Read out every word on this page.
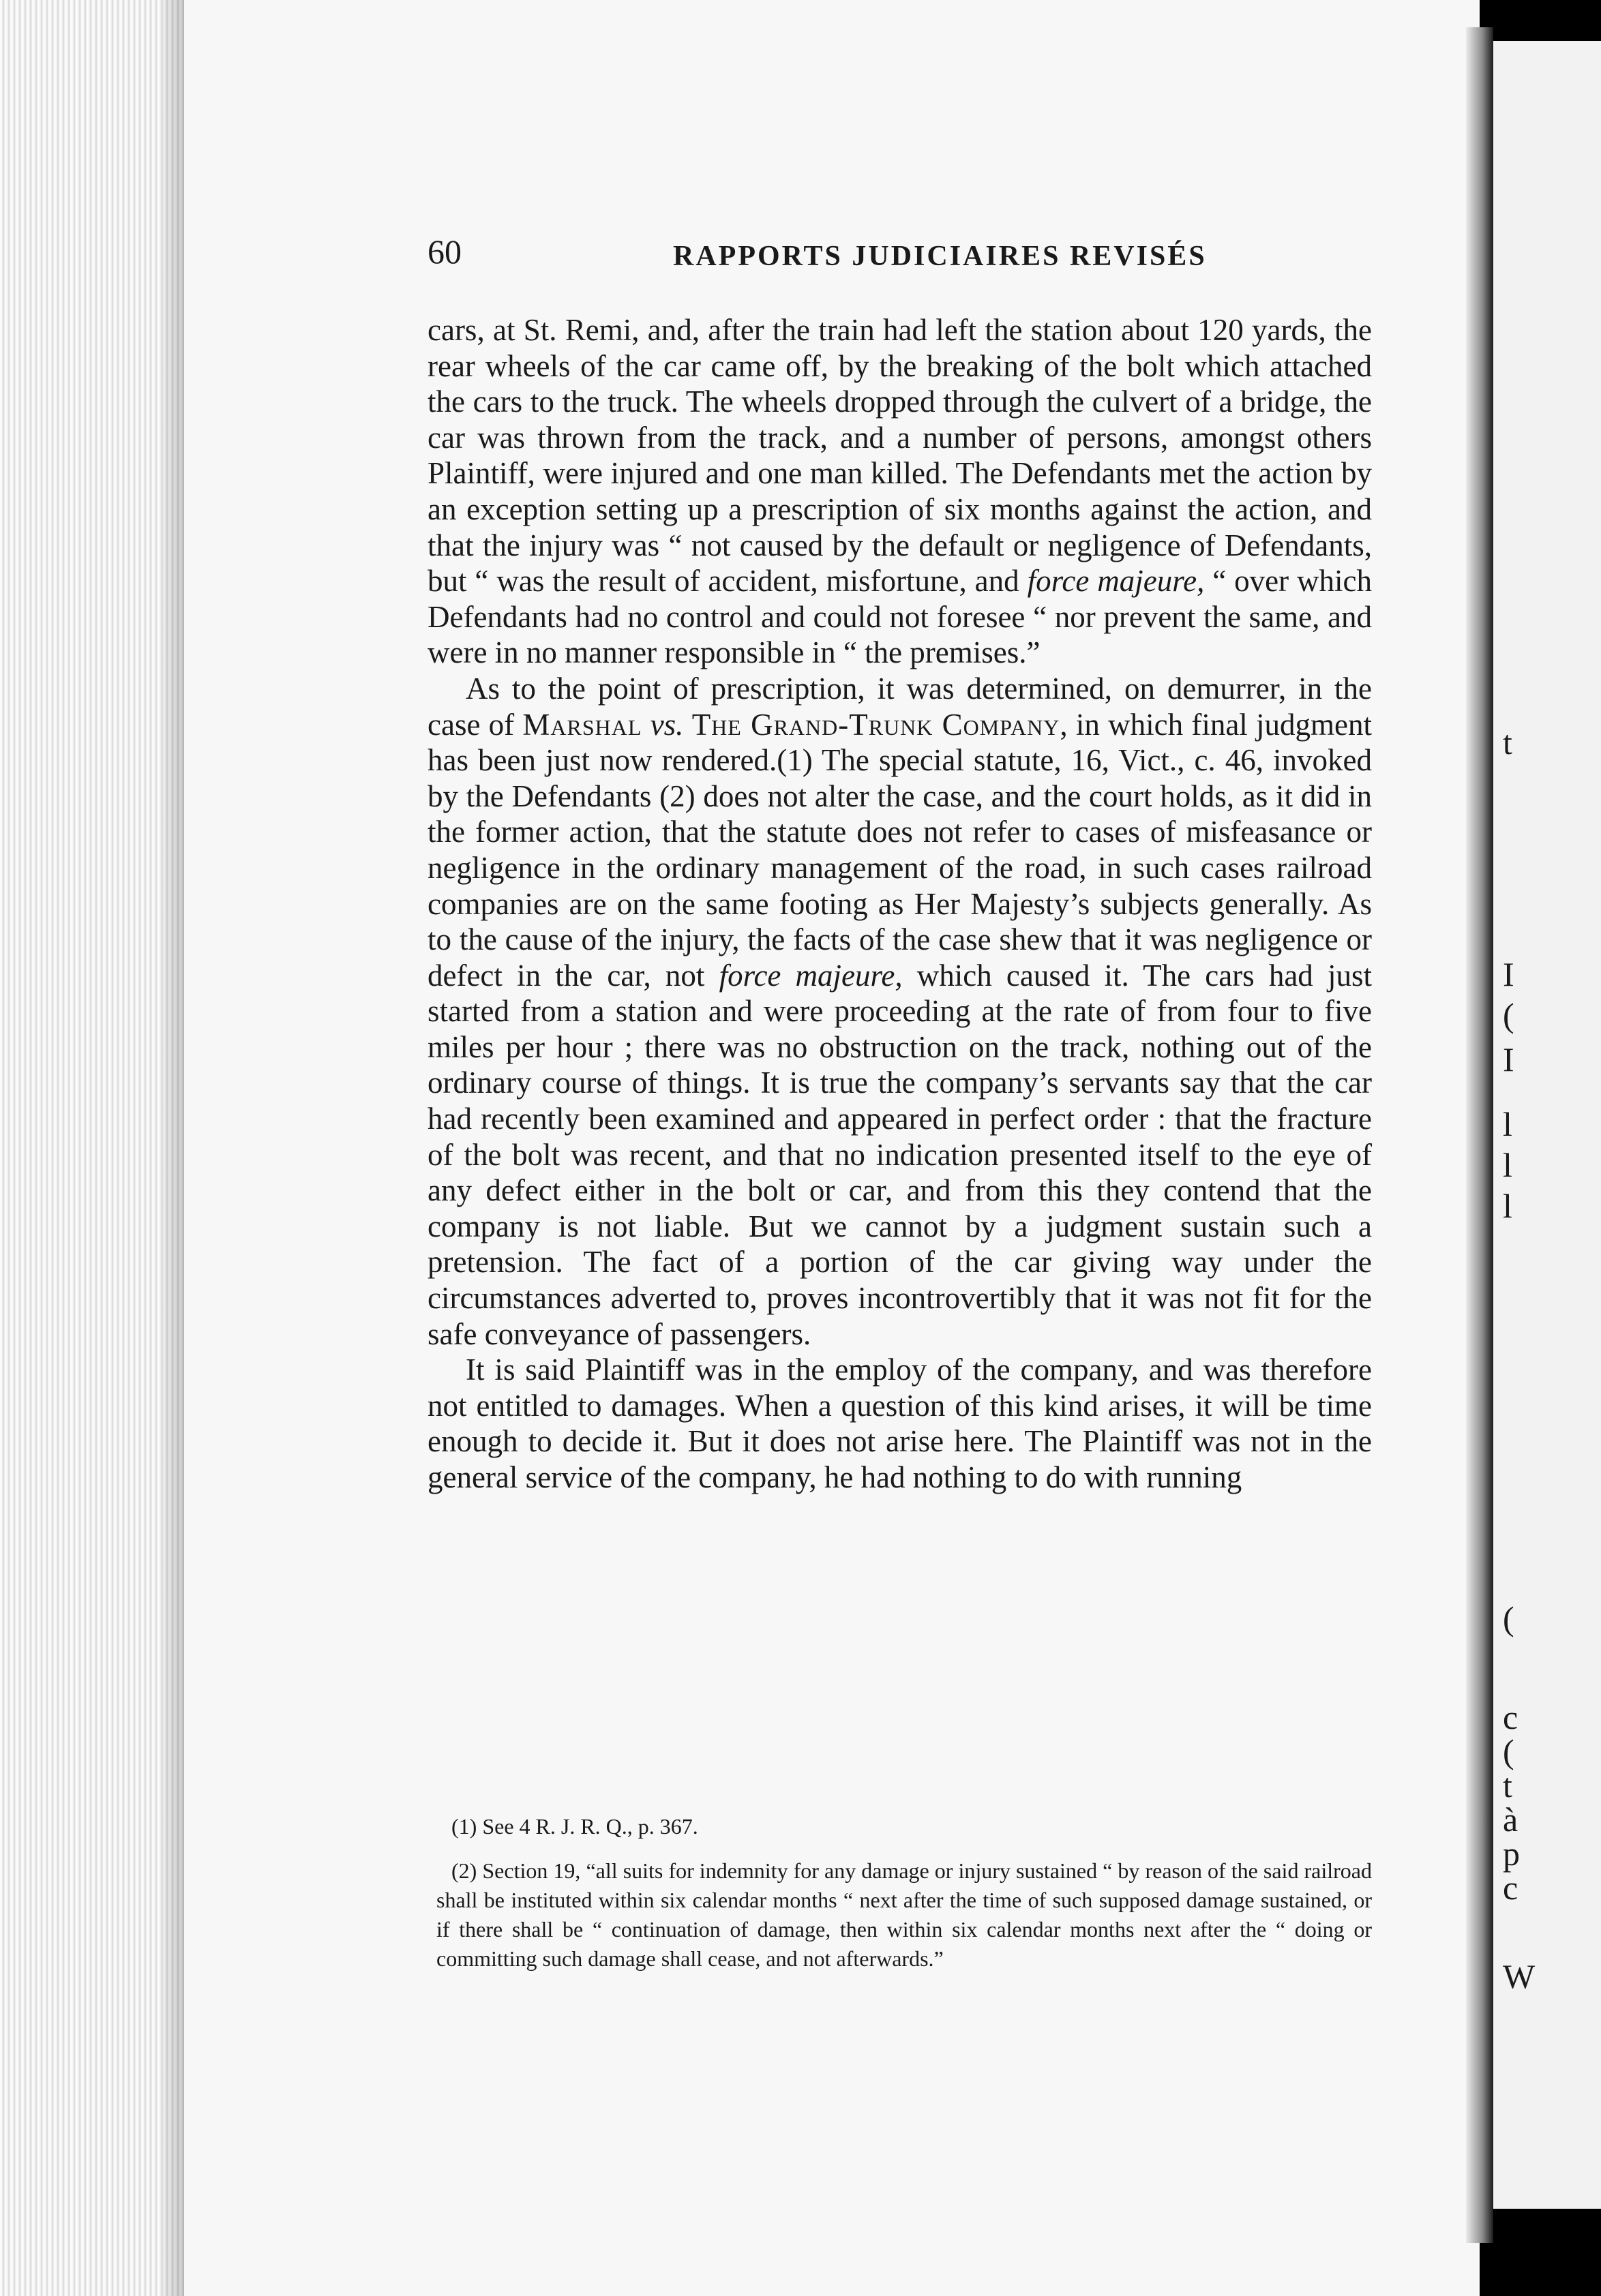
t
I
(
I
l
l
l
(
c
(
t
à
p
c
W
60	RAPPORTS JUDICIAIRES REVISÉS

cars, at St. Remi, and, after the train had left the station about 120 yards, the rear wheels of the car came off, by the breaking of the bolt which attached the cars to the truck. The wheels dropped through the culvert of a bridge, the car was thrown from the track, and a number of persons, amongst others Plaintiff, were injured and one man killed. The Defendants met the action by an exception setting up a prescription of six months against the action, and that the injury was “ not caused by the default or negligence of Defendants, but “ was the result of accident, misfortune, and force majeure, “ over which Defendants had no control and could not foresee “ nor prevent the same, and were in no manner responsible in “ the premises.”

As to the point of prescription, it was determined, on demurrer, in the case of Marshal vs. The Grand-Trunk Company, in which final judgment has been just now rendered.(1) The special statute, 16, Vict., c. 46, invoked by the Defendants (2) does not alter the case, and the court holds, as it did in the former action, that the statute does not refer to cases of misfeasance or negligence in the ordinary management of the road, in such cases railroad companies are on the same footing as Her Majesty’s subjects generally. As to the cause of the injury, the facts of the case shew that it was negligence or defect in the car, not force majeure, which caused it. The cars had just started from a station and were proceeding at the rate of from four to five miles per hour ; there was no obstruction on the track, nothing out of the ordinary course of things. It is true the company’s servants say that the car had recently been examined and appeared in perfect order : that the fracture of the bolt was recent, and that no indication presented itself to the eye of any defect either in the bolt or car, and from this they contend that the company is not liable. But we cannot by a judgment sustain such a pretension. The fact of a portion of the car giving way under the circumstances adverted to, proves incontrovertibly that it was not fit for the safe conveyance of passengers.

It is said Plaintiff was in the employ of the company, and was therefore not entitled to damages. When a question of this kind arises, it will be time enough to decide it. But it does not arise here. The Plaintiff was not in the general service of the company, he had nothing to do with running

(1) See 4 R. J. R. Q., p. 367.

(2) Section 19, “all suits for indemnity for any damage or injury sustained “ by reason of the said railroad shall be instituted within six calendar months “ next after the time of such supposed damage sustained, or if there shall be “ continuation of damage, then within six calendar months next after the “ doing or committing such damage shall cease, and not afterwards.”
